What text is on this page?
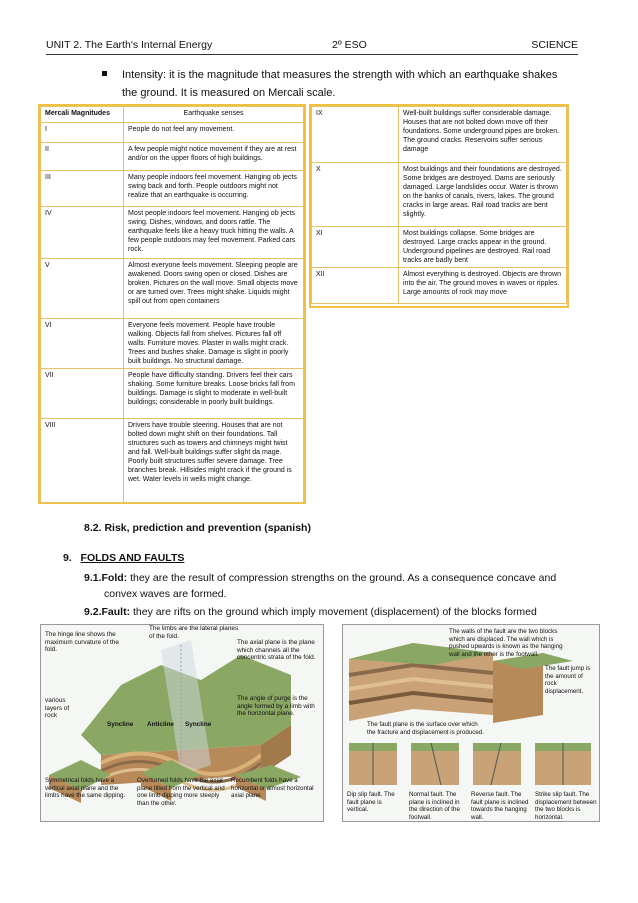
UNIT 2. The Earth's Internal Energy	2º ESO	SCIENCE
Intensity: it is the magnitude that measures the strength with which an earthquake shakes
the ground. It is measured on Mercali scale.
Mercali Magnitudes	Earthquake senses
I	People do not feel any movement.
II	A few people might notice movement if they are at rest and/or on the upper floors of high buildings.
III	Many people indoors feel movement. Hanging ob jects swing back and forth. People outdoors might not realize that an earthquake is occurring.
IV	Most people indoors feel movement. Hanging ob jects swing. Dishes, windows, and doors rattle. The earthquake feels like a heavy truck hitting the walls. A few people outdoors may feel movement. Parked cars rock.
V	Almost everyone feels movement. Sleeping people are awakened. Doors swing open or closed. Dishes are broken. Pictures on the wall move. Small objects move or are turned over. Trees might shake. Liquids might spill out from open containers
VI	Everyone feels movement. People have trouble walking. Objects fall from shelves. Pictures fall off walls. Furniture moves. Plaster in walls might crack. Trees and bushes shake. Damage is slight in poorly built buildings. No structural damage.
VII	People have difficulty standing. Drivers feel their cars shaking. Some furniture breaks. Loose bricks fall from buildings. Damage is slight to moderate in well-built buildings; considerable in poorly built buildings.
VIII	Drivers have trouble steering. Houses that are not bolted down might shift on their foundations. Tall structures such as towers and chimneys might twist and fall. Well-built buildings suffer slight da mage. Poorly built structures suffer severe damage. Tree branches break. Hillsides might crack if the ground is wet. Water levels in wells might change.
IX	Well-built buildings suffer considerable damage. Houses that are not bolted down move off their foundations. Some underground pipes are broken. The ground cracks. Reservoirs suffer serious damage
X	Most buildings and their foundations are destroyed. Some bridges are destroyed. Dams are seriously damaged. Large landslides occur. Water is thrown on the banks of canals, rivers, lakes. The ground cracks in large areas. Rail road tracks are bent slightly.
XI	Most buildings collapse. Some bridges are destroyed. Large cracks appear in the ground. Underground pipelines are destroyed. Rail road tracks are badly bent
XII	Almost everything is destroyed. Objects are thrown into the air. The ground moves in waves or ripples. Large amounts of rock may move
8.2. Risk, prediction and prevention (spanish)
9. FOLDS AND FAULTS
9.1.Fold: they are the result of compression strengths on the ground. As a consequence concave and
convex waves are formed.
9.2.Fault: they are rifts on the ground which imply movement (displacement) of the blocks formed
The hinge line shows the maximum curvature of the fold.
The limbs are the lateral planes of the fold.
The axial plane is the plane which channels all the concentric strata of the fold.
The angle of purge is the angle formed by a limb with the horizontal plane.
various layers of rock
Syncline Anticline Syncline
Symmetrical folds have a vertical axial plane and the limbs have the same dipping.
Overturned folds have the axial plane tilted from the vertical and one limb dipping more steeply than the other.
Recumbent folds have a horizontal or almost horizontal axial plane.
The walls of the fault are the two blocks which are displaced. The wall which is pushed upwards is known as the hanging wall and the other is the footwall.
The fault jump is the amount of rock displacement.
The fault plane is the surface over which the fracture and displacement is produced.
Dip slip fault. The fault plane is vertical.
Normal fault. The plane is inclined in the direction of the footwall.
Reverse fault. The fault plane is inclined towards the hanging wall.
Strike slip fault. The displacement between the two blocks is horizontal.
